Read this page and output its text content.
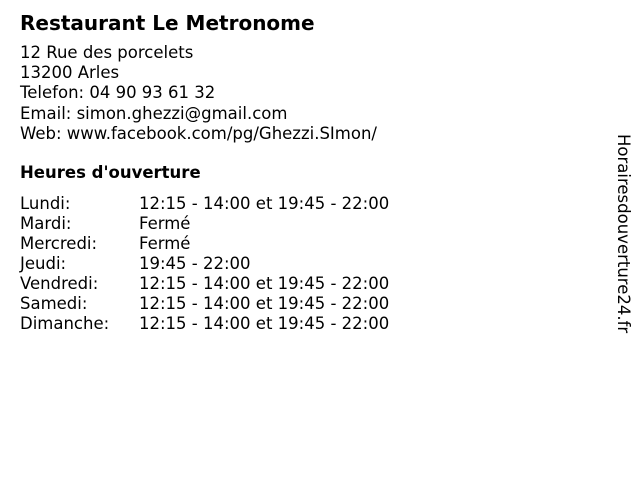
Restaurant Le Metronome
12 Rue des porcelets
13200 Arles
Telefon: 04 90 93 61 32
Email: simon.ghezzi@gmail.com
Web: www.facebook.com/pg/Ghezzi.SImon/
Heures d'ouverture
Lundi:	12:15 - 14:00 et 19:45 - 22:00
Mardi:	Fermé
Mercredi:	Fermé
Jeudi:	19:45 - 22:00
Vendredi: 12:15 - 14:00 et 19:45 - 22:00
Samedi:	12:15 - 14:00 et 19:45 - 22:00
Dimanche: 12:15 - 14:00 et 19:45 - 22:00	Horairesdouverture24.fr
